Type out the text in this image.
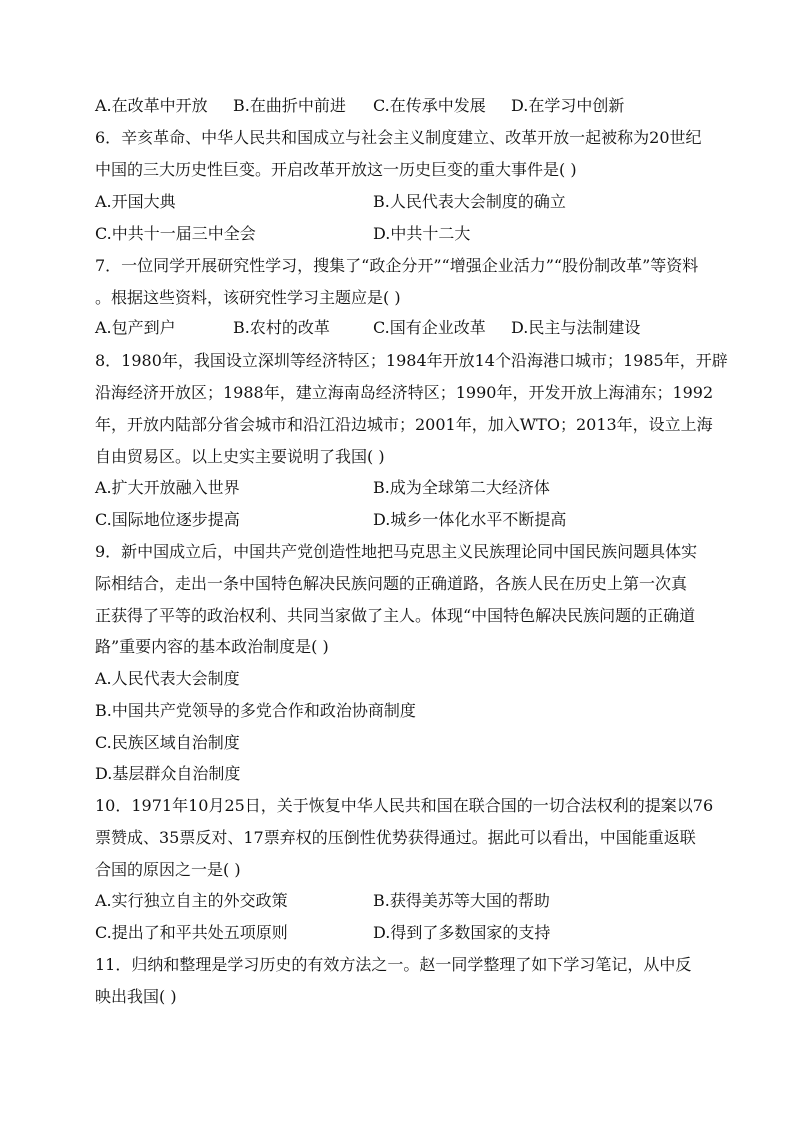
A.在改革中开放 B.在曲折中前进 C.在传承中发展 D.在学习中创新
6．辛亥革命、中华人民共和国成立与社会主义制度建立、改革开放一起被称为20世纪
中国的三大历史性巨变。开启改革开放这一历史巨变的重大事件是( )
A.开国大典	B.人民代表大会制度的确立
C.中共十一届三中全会	D.中共十二大
7．一位同学开展研究性学习，搜集了“政企分开”“增强企业活力”“股份制改革”等资料
。根据这些资料，该研究性学习主题应是( )
A.包产到户	B.农村的改革	C.国有企业改革 D.民主与法制建设
8．1980年，我国设立深圳等经济特区；1984年开放14个沿海港口城市；1985年，开辟
沿海经济开放区；1988年，建立海南岛经济特区；1990年，开发开放上海浦东；1992
年，开放内陆部分省会城市和沿江沿边城市；2001年，加入WTO；2013年，设立上海
自由贸易区。以上史实主要说明了我国( )
A.扩大开放融入世界	B.成为全球第二大经济体
C.国际地位逐步提高	D.城乡一体化水平不断提高
9．新中国成立后，中国共产党创造性地把马克思主义民族理论同中国民族问题具体实
际相结合，走出一条中国特色解决民族问题的正确道路，各族人民在历史上第一次真
正获得了平等的政治权利、共同当家做了主人。体现“中国特色解决民族问题的正确道
路”重要内容的基本政治制度是( )
A.人民代表大会制度
B.中国共产党领导的多党合作和政治协商制度
C.民族区域自治制度
D.基层群众自治制度
10．1971年10月25日，关于恢复中华人民共和国在联合国的一切合法权利的提案以76
票赞成、35票反对、17票弃权的压倒性优势获得通过。据此可以看出，中国能重返联
合国的原因之一是( )
A.实行独立自主的外交政策	B.获得美苏等大国的帮助
C.提出了和平共处五项原则	D.得到了多数国家的支持
11．归纳和整理是学习历史的有效方法之一。赵一同学整理了如下学习笔记，从中反
映出我国( )
